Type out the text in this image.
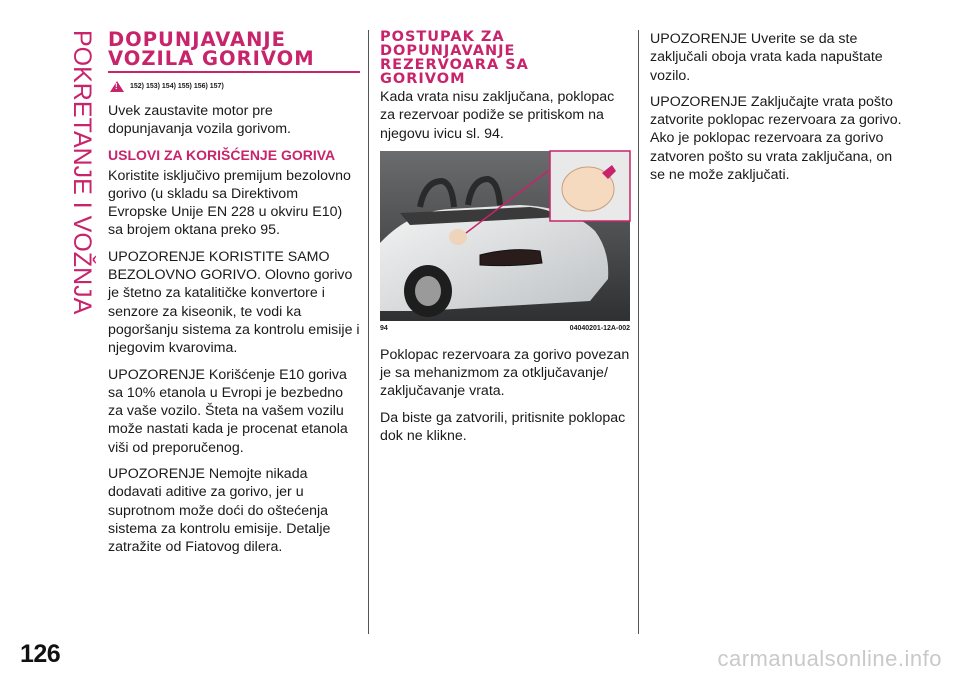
POKRETANJE I VOŽNJA
126
DOPUNJAVANJE
VOZILA GORIVOM
!
152) 153) 154) 155) 156) 157)

Uvek zaustavite motor pre dopunjavanja vozila gorivom.

USLOVI ZA KORIŠĆENJE GORIVA

Koristite isključivo premijum bezolovno gorivo (u skladu sa Direktivom Evropske Unije EN 228 u okviru E10) sa brojem oktana preko 95.

UPOZORENJE KORISTITE SAMO BEZOLOVNO GORIVO. Olovno gorivo je štetno za katalitičke konvertore i senzore za kiseonik, te vodi ka pogoršanju sistema za kontrolu emisije i njegovim kvarovima.

UPOZORENJE Korišćenje E10 goriva sa 10% etanola u Evropi je bezbedno za vaše vozilo. Šteta na vašem vozilu može nastati kada je procenat etanola viši od preporučenog.

UPOZORENJE Nemojte nikada dodavati aditive za gorivo, jer u suprotnom može doći do oštećenja sistema za kontrolu emisije. Detalje zatražite od Fiatovog dilera.

POSTUPAK ZA
DOPUNJAVANJE
REZERVOARA SA
GORIVOM

Kada vrata nisu zaključana, poklopac za rezervoar podiže se pritiskom na njegovu ivicu sl. 94.

94	04040201-12A-002

Poklopac rezervoara za gorivo povezan je sa mehanizmom za otključavanje/ zaključavanje vrata.

Da biste ga zatvorili, pritisnite poklopac dok ne klikne.

UPOZORENJE Uverite se da ste zaključali oboja vrata kada napuštate vozilo.

UPOZORENJE Zaključajte vrata pošto zatvorite poklopac rezervoara za gorivo. Ako je poklopac rezervoara za gorivo zatvoren pošto su vrata zaključana, on se ne može zaključati.

carmanualsonline.info
